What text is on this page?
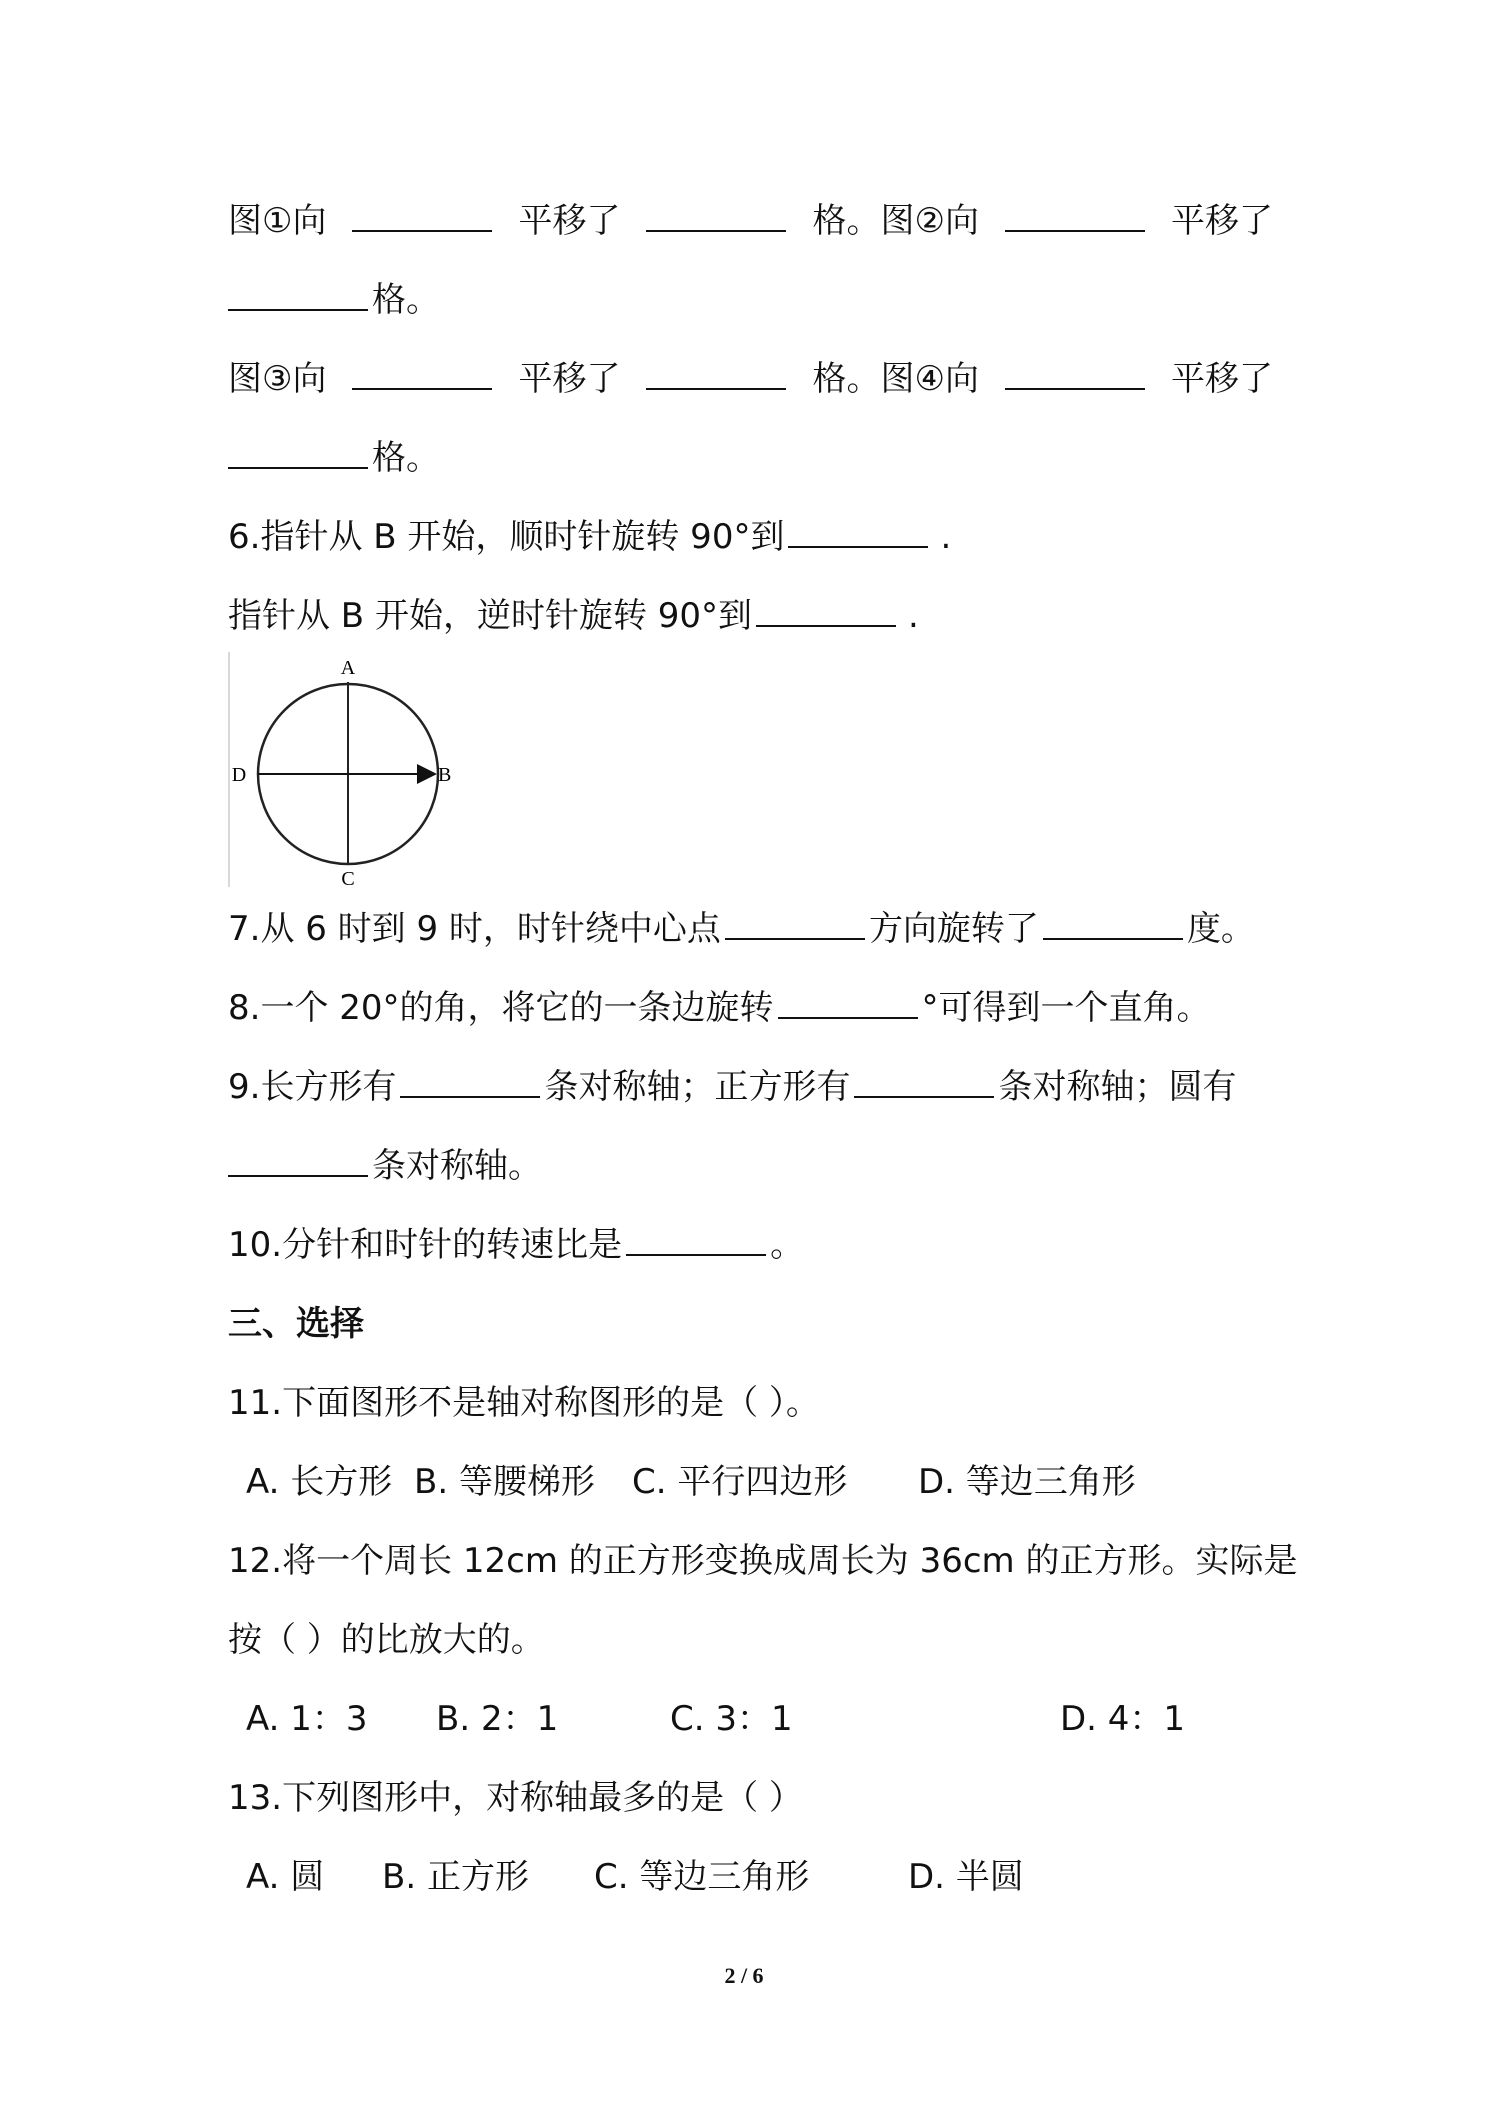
图①向	平移了	格。图②向	平移了
格。
图③向	平移了	格。图④向	平移了
格。
6.指针从 B 开始，顺时针旋转 90°到	.
指针从 B 开始，逆时针旋转 90°到	.
A
B
C
D
7.从 6 时到 9 时，时针绕中心点	方向旋转了	度。
8.一个 20°的角，将它的一条边旋转	°可得到一个直角。
9.长方形有	条对称轴；正方形有	条对称轴；圆有
条对称轴。
10.分针和时针的转速比是	。
三、选择
11.下面图形不是轴对称图形的是（ ）。
A. 长方形 B. 等腰梯形 C. 平行四边形 D. 等边三角形
12.将一个周长 12cm 的正方形变换成周长为 36cm 的正方形。实际是
按（ ）的比放大的。
A. 1：3 B. 2：1	C. 3：1	D. 4：1
13.下列图形中，对称轴最多的是（ ）
A. 圆 B. 正方形 C. 等边三角形	D. 半圆
2 / 6
